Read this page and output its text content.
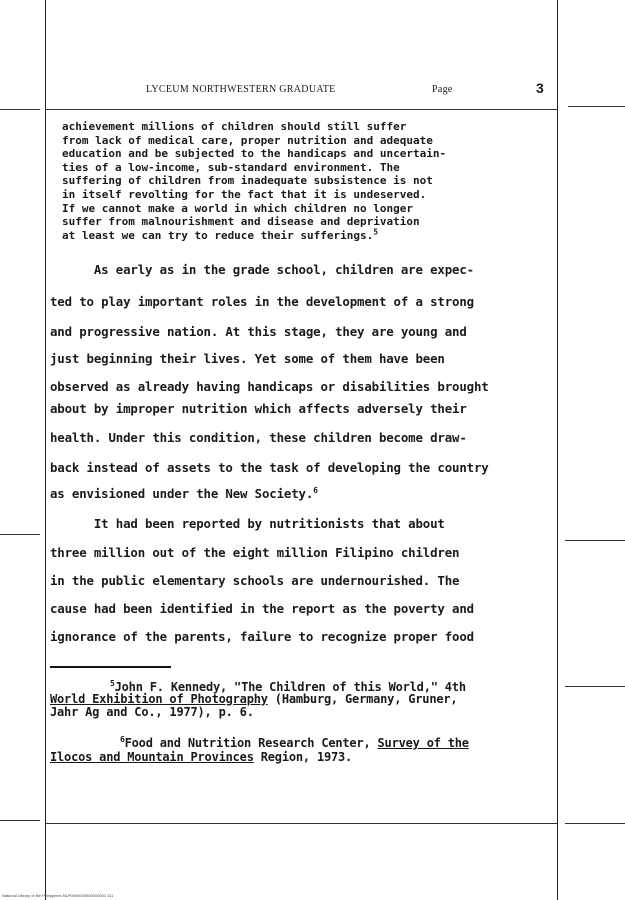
LYCEUM NORTHWESTERN GRADUATE	Page	3
achievement millions of children should still suffer
from lack of medical care, proper nutrition and adequate
education and be subjected to the handicaps and uncertain-
ties of a low-income, sub-standard environment. The
suffering of children from inadequate subsistence is not
in itself revolting for the fact that it is undeserved.
If we cannot make a world in which children no longer
suffer from malnourishment and disease and deprivation
at least we can try to reduce their sufferings.$^5$
As early as in the grade school, children are expec-
ted to play important roles in the development of a strong
and progressive nation. At this stage, they are young and
just beginning their lives. Yet some of them have been
observed as already having handicaps or disabilities brought
about by improper nutrition which affects adversely their
health. Under this condition, these children become draw-
back instead of assets to the task of developing the country
as envisioned under the New Society.$^6$
It had been reported by nutritionists that about
three million out of the eight million Filipino children
in the public elementary schools are undernourished. The
cause had been identified in the report as the poverty and
ignorance of the parents, failure to recognize proper food
$^5$John F. Kennedy, "The Children of this World," 4th
World Exhibition of Photography (Hamburg, Germany, Gruner,
Jahr Ag and Co., 1977), p. 6.
$^6$Food and Nutrition Research Center, Survey of the
Ilocos and Mountain Provinces Region, 1973.
National Library of the Philippines NLP0000000000000001 111
